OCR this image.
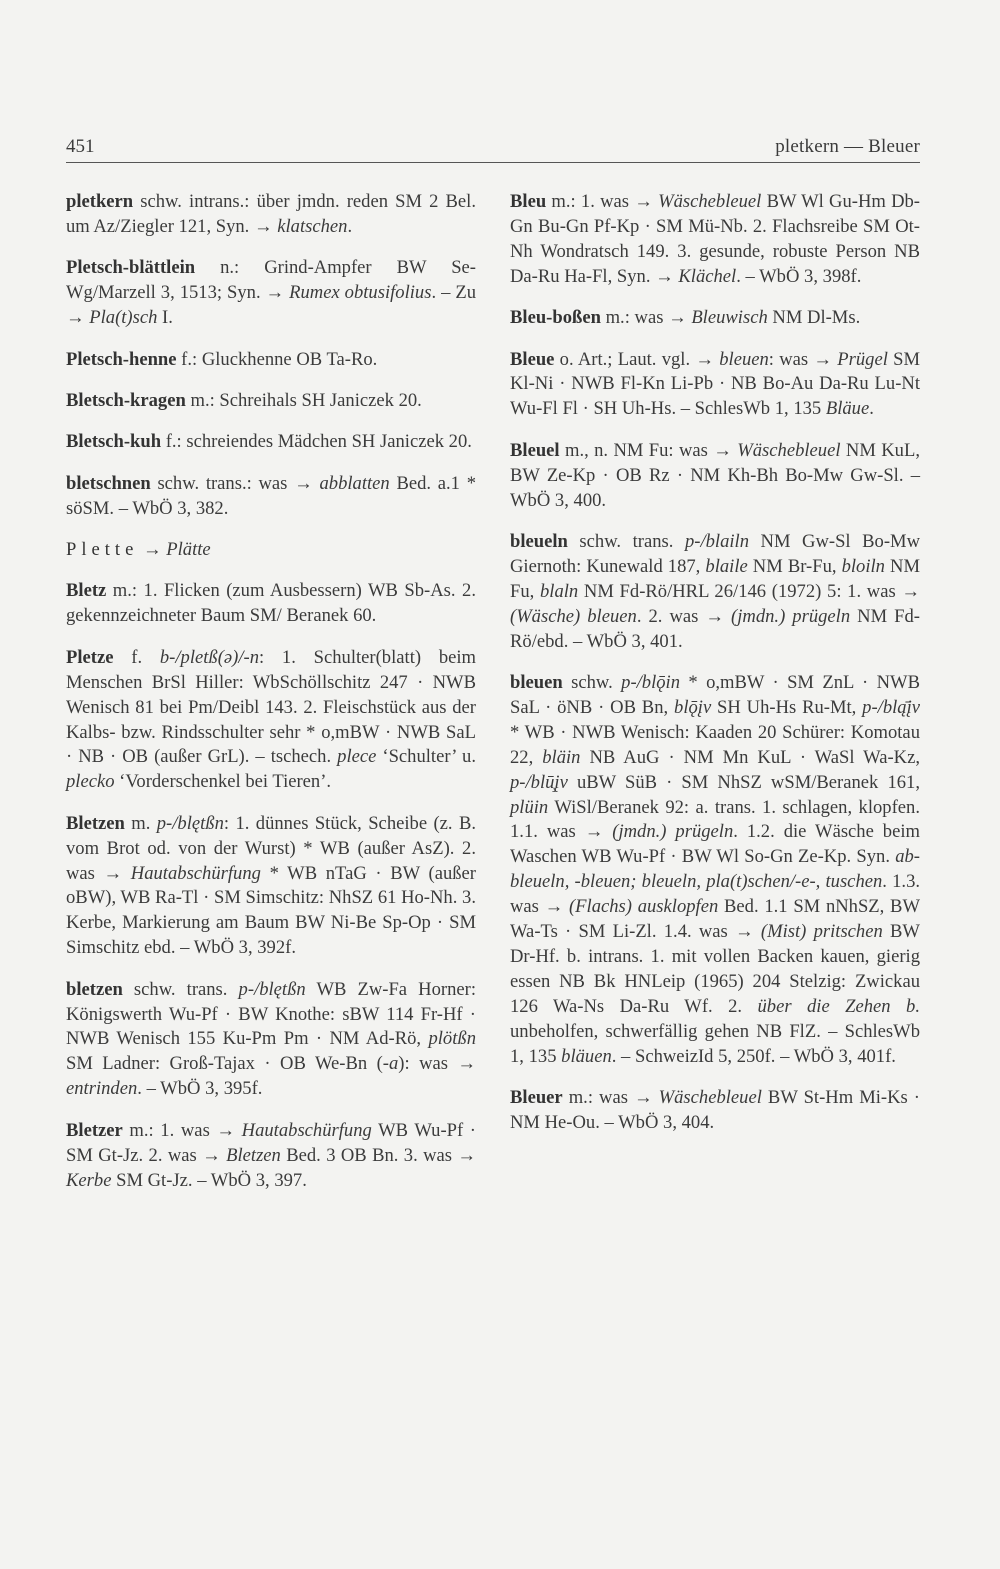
451	pletkern — Bleuer

pletkern schw. intrans.: über jmdn. reden SM 2 Bel. um Az/Ziegler 121, Syn. → klatschen.

Pletsch-blättlein n.: Grind-Ampfer BW Se-Wg/Marzell 3, 1513; Syn. → Rumex obtusifolius. – Zu → Pla(t)sch I.

Pletsch-henne f.: Gluckhenne OB Ta-Ro.

Bletsch-kragen m.: Schreihals SH Janiczek 20.

Bletsch-kuh f.: schreiendes Mädchen SH Janiczek 20.

bletschnen schw. trans.: was → abblatten Bed. a.1 * söSM. – WbÖ 3, 382.

Plette → Plätte

Bletz m.: 1. Flicken (zum Ausbessern) WB Sb-As. 2. gekennzeichneter Baum SM/ Beranek 60.

Pletze f. b-/pletß(ə)/-n: 1. Schulter(blatt) beim Menschen BrSl Hiller: WbSchöllschitz 247 · NWB Wenisch 81 bei Pm/Deibl 143. 2. Fleischstück aus der Kalbs- bzw. Rindsschulter sehr * o,mBW · NWB SaL · NB · OB (außer GrL). – tschech. plece ‘Schulter’ u. plecko ‘Vorderschenkel bei Tieren’.

Bletzen m. p-/blętßn: 1. dünnes Stück, Scheibe (z. B. vom Brot od. von der Wurst) * WB (außer AsZ). 2. was → Hautabschürfung * WB nTaG · BW (außer oBW), WB Ra-Tl · SM Simschitz: NhSZ 61 Ho-Nh. 3. Kerbe, Markierung am Baum BW Ni-Be Sp-Op · SM Simschitz ebd. – WbÖ 3, 392f.

bletzen schw. trans. p-/blętßn WB Zw-Fa Horner: Königswerth Wu-Pf · BW Knothe: sBW 114 Fr-Hf · NWB Wenisch 155 Ku-Pm Pm · NM Ad-Rö, plötßn SM Ladner: Groß-Tajax · OB We-Bn (-a): was → entrinden. – WbÖ 3, 395f.

Bletzer m.: 1. was → Hautabschürfung WB Wu-Pf · SM Gt-Jz. 2. was → Bletzen Bed. 3 OB Bn. 3. was → Kerbe SM Gt-Jz. – WbÖ 3, 397.

Bleu m.: 1. was → Wäschebleuel BW Wl Gu-Hm Db-Gn Bu-Gn Pf-Kp · SM Mü-Nb. 2. Flachsreibe SM Ot-Nh Wondratsch 149. 3. gesunde, robuste Person NB Da-Ru Ha-Fl, Syn. → Klächel. – WbÖ 3, 398f.

Bleu-boßen m.: was → Bleuwisch NM Dl-Ms.

Bleue o. Art.; Laut. vgl. → bleuen: was → Prügel SM Kl-Ni · NWB Fl-Kn Li-Pb · NB Bo-Au Da-Ru Lu-Nt Wu-Fl Fl · SH Uh-Hs. – SchlesWb 1, 135 Bläue.

Bleuel m., n. NM Fu: was → Wäschebleuel NM KuL, BW Ze-Kp · OB Rz · NM Kh-Bh Bo-Mw Gw-Sl. – WbÖ 3, 400.

bleueln schw. trans. p-/blailn NM Gw-Sl Bo-Mw Giernoth: Kunewald 187, blaile NM Br-Fu, bloiln NM Fu, blaln NM Fd-Rö/HRL 26/146 (1972) 5: 1. was → (Wäsche) bleuen. 2. was → (jmdn.) prügeln NM Fd-Rö/ebd. – WbÖ 3, 401.

bleuen schw. p-/blǭin * o,mBW · SM ZnL · NWB SaL · öNB · OB Bn, blǭįv SH Uh-Hs Ru-Mt, p-/blą̄įv * WB · NWB Wenisch: Kaaden 20 Schürer: Komotau 22, bläin NB AuG · NM Mn KuL · WaSl Wa-Kz, p-/blū̧įv uBW SüB · SM NhSZ wSM/Beranek 161, plüin WiSl/Beranek 92: a. trans. 1. schlagen, klopfen. 1.1. was → (jmdn.) prügeln. 1.2. die Wäsche beim Waschen WB Wu-Pf · BW Wl So-Gn Ze-Kp. Syn. ab-bleueln, -bleuen; bleueln, pla(t)schen/-e-, tuschen. 1.3. was → (Flachs) ausklopfen Bed. 1.1 SM nNhSZ, BW Wa-Ts · SM Li-Zl. 1.4. was → (Mist) pritschen BW Dr-Hf. b. intrans. 1. mit vollen Backen kauen, gierig essen NB Bk HNLeip (1965) 204 Stelzig: Zwickau 126 Wa-Ns Da-Ru Wf. 2. über die Zehen b. unbeholfen, schwerfällig gehen NB FlZ. – SchlesWb 1, 135 bläuen. – SchweizId 5, 250f. – WbÖ 3, 401f.

Bleuer m.: was → Wäschebleuel BW St-Hm Mi-Ks · NM He-Ou. – WbÖ 3, 404.
